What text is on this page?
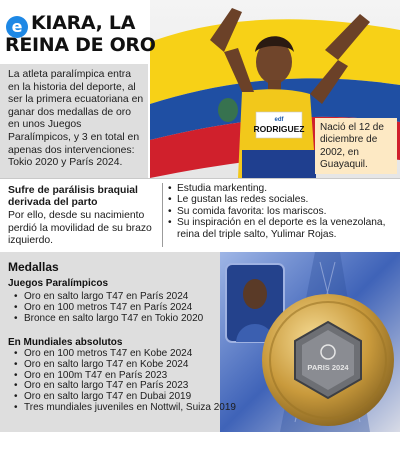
edf
RODRIGUEZ
e KIARA, LA
REINA DE ORO
La atleta paralímpica entra en la historia del deporte, al ser la primera ecuatoriana en ganar dos medallas de oro en unos Juegos Paralímpicos, y 3 en total en apenas dos intervenciones: Tokio 2020 y París 2024.
Nació el 12 de diciembre de 2002, en Guayaquil.
Sufre de parálisis braquial derivada del parto

Por ello, desde su nacimiento perdió la movilidad de su brazo izquierdo.

• Estudia markenting.
• Le gustan las redes sociales.
• Su comida favorita: los mariscos.
• Su inspiración en el deporte es la venezolana, reina del triple salto, Yulimar Rojas.
PARIS 2024
Medallas
Juegos Paralímpicos
• Oro en salto largo T47 en París 2024
• Oro en 100 metros T47 en París 2024
• Bronce en salto largo T47 en Tokio 2020
En Mundiales absolutos
• Oro en 100 metros T47 en Kobe 2024
• Oro en salto largo T47 en Kobe 2024
• Oro en 100m T47 en París 2023
• Oro en salto largo T47 en París 2023
• Oro en salto largo T47 en Dubai 2019
• Tres mundiales juveniles en Nottwil, Suiza 2019
